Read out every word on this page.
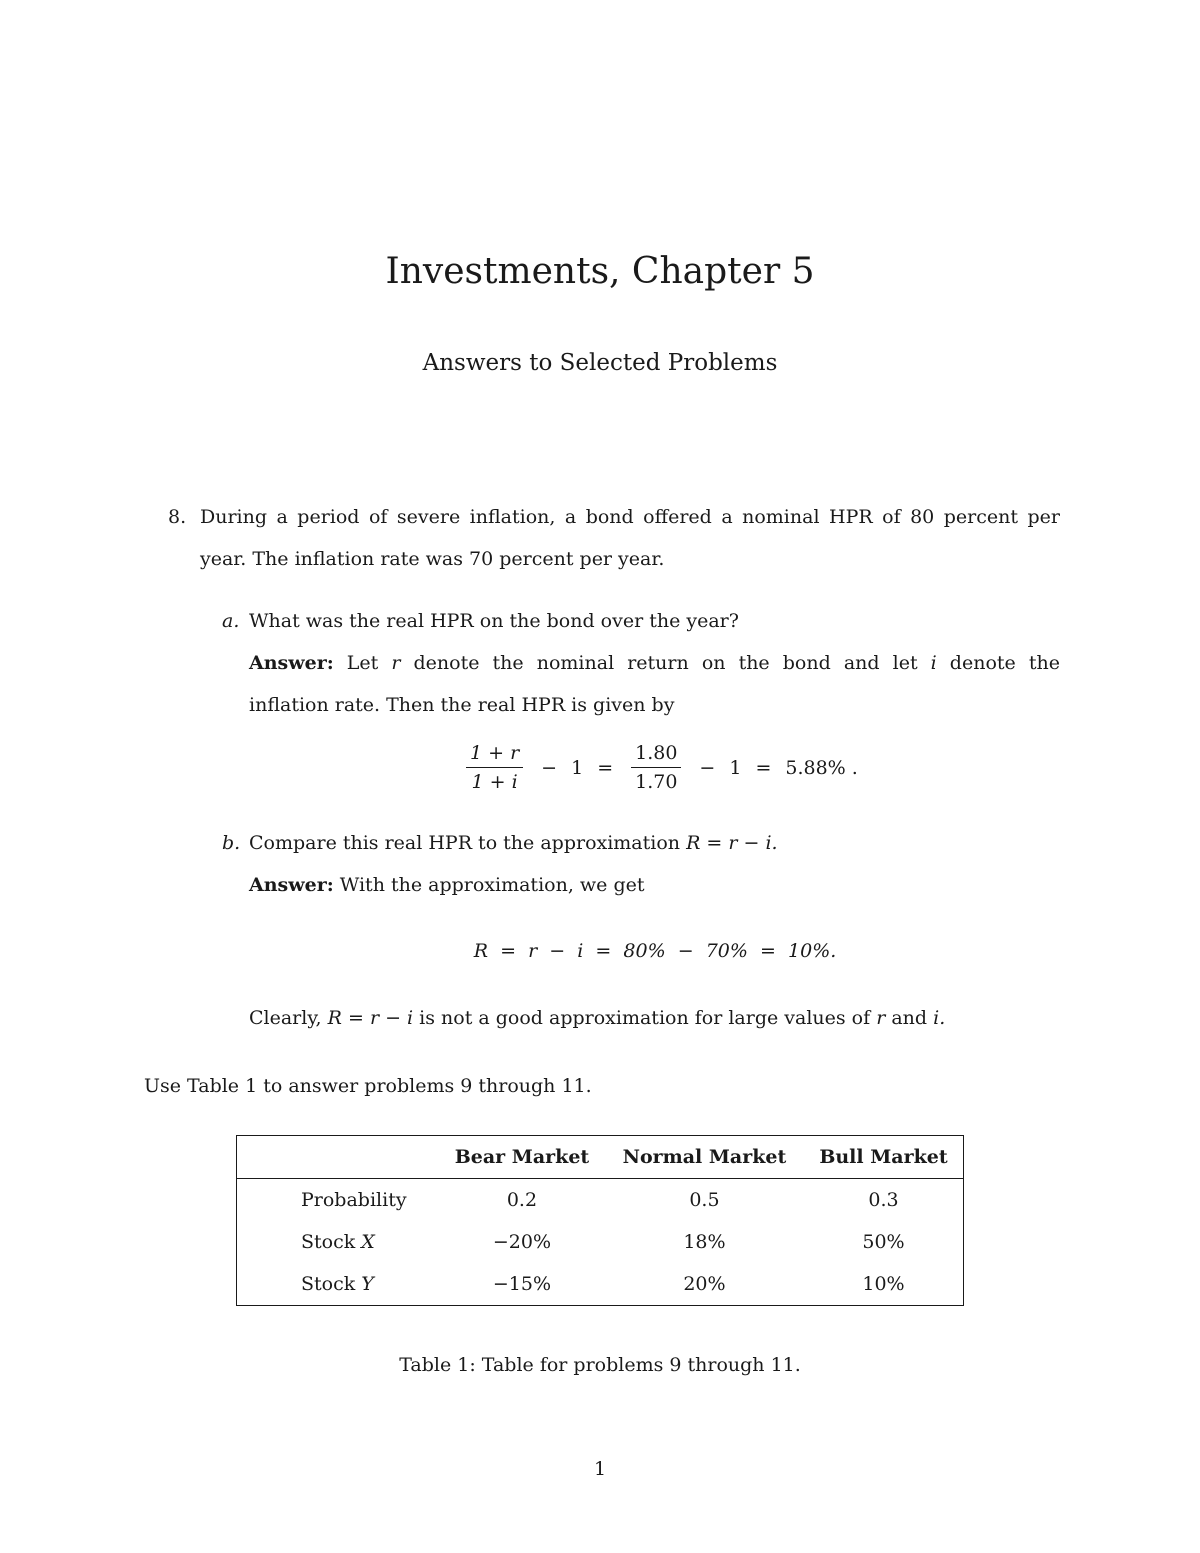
Investments, Chapter 5
Answers to Selected Problems
8. During a period of severe inflation, a bond offered a nominal HPR of 80 percent per
year. The inflation rate was 70 percent per year.
a. What was the real HPR on the bond over the year?
Answer: Let r denote the nominal return on the bond and let i denote the
inflation rate. Then the real HPR is given by
$\frac{1 + r}{1 + i} - 1 = \frac{1.80}{1.70} - 1 = 5.88\%$ .
b. Compare this real HPR to the approximation R = r − i.
Answer: With the approximation, we get
R  =  r  −  i  =  80%  −  70%  =  10%.
Clearly, R = r − i is not a good approximation for large values of r and i.
Use Table 1 to answer problems 9 through 11.
	Bear Market	Normal Market	Bull Market
Probability	0.2	0.5	0.3
Stock X	−20%	18%	50%
Stock Y	−15%	20%	10%
Table 1: Table for problems 9 through 11.
1
